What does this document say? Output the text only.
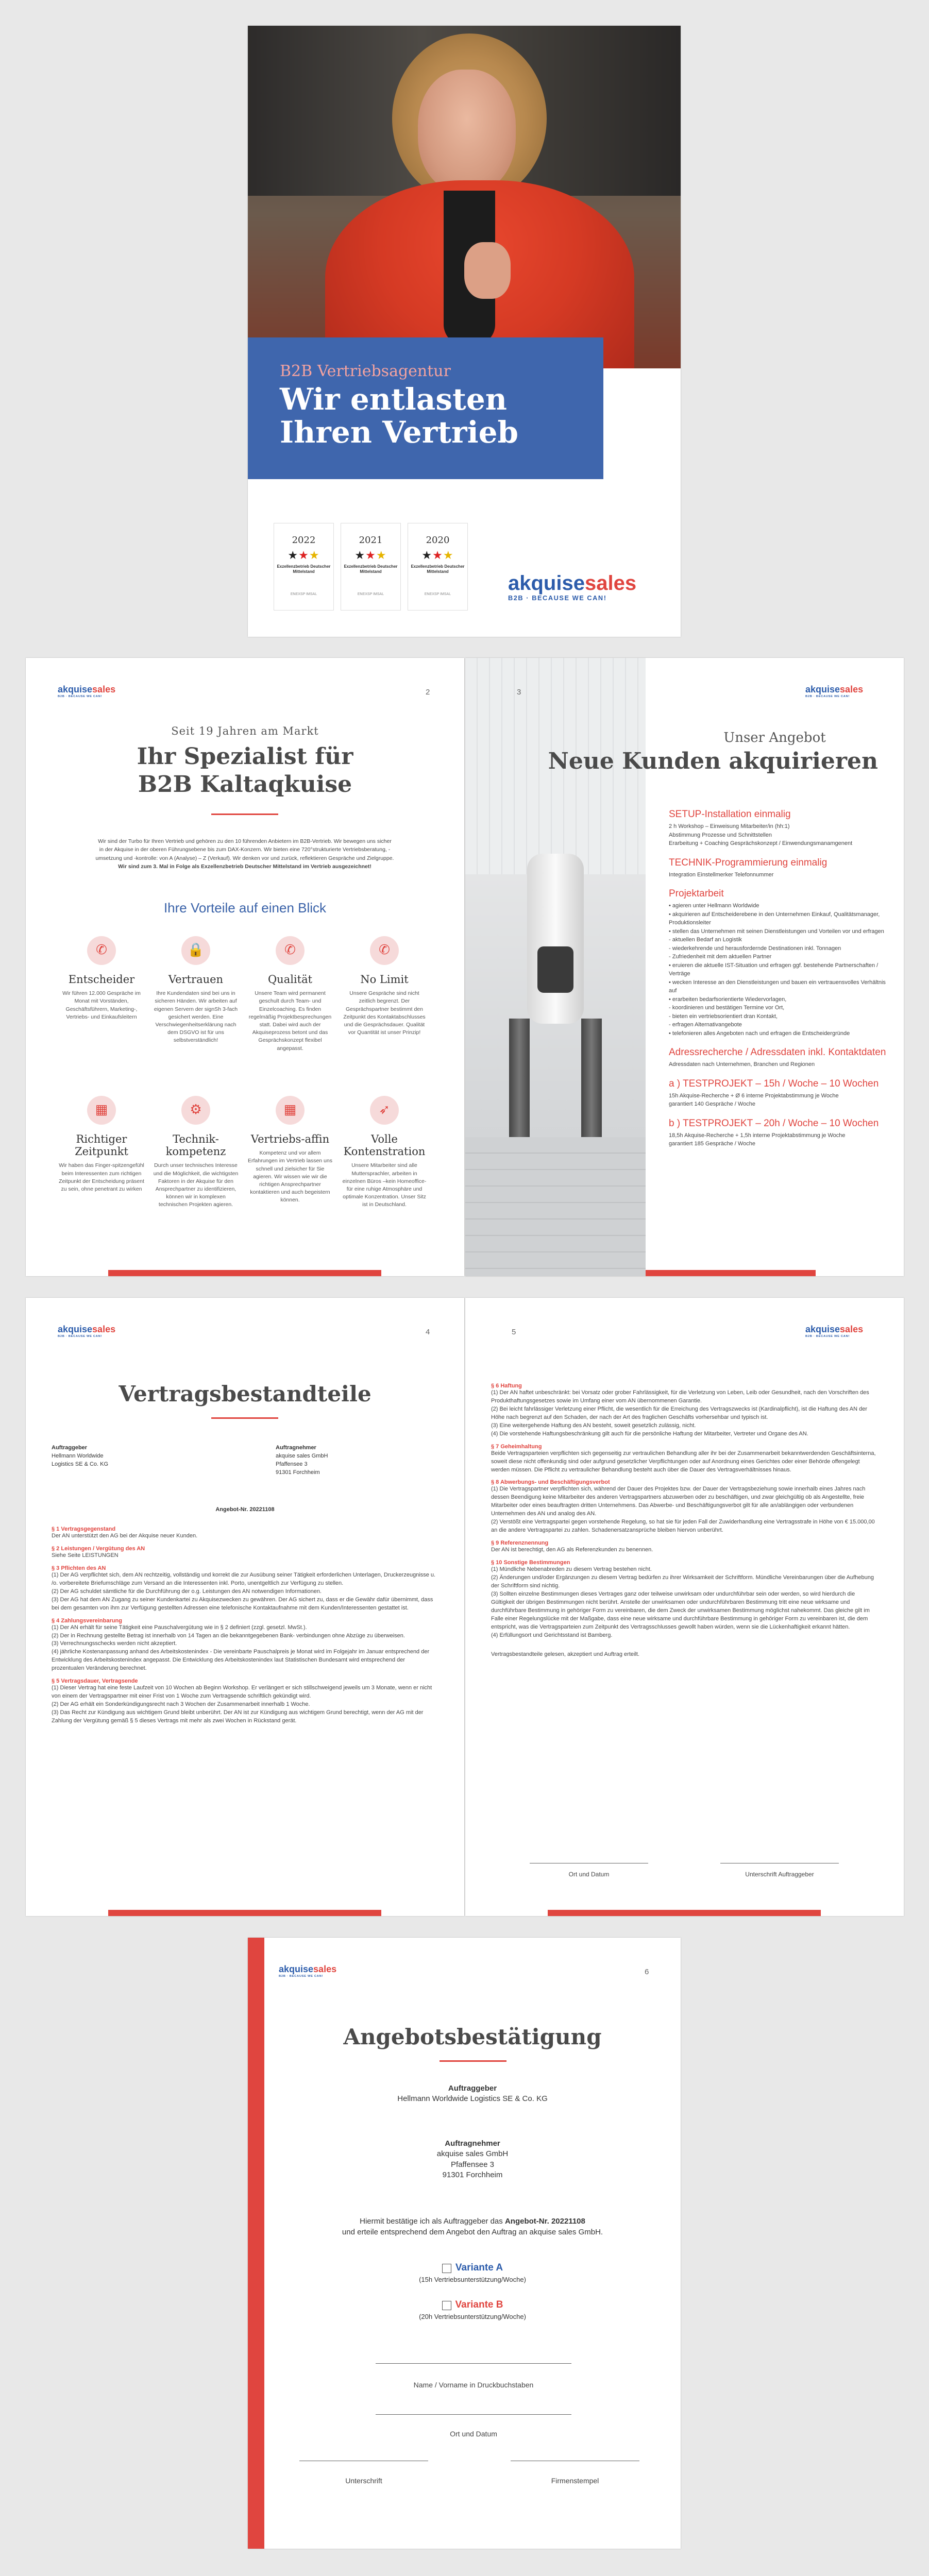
B2B Vertriebsagentur
Wir entlasten
Ihren Vertrieb
2022
★★★
Exzellenzbetrieb Deutscher Mittelstand
ENEXSP IMSAL
2021
★★★
Exzellenzbetrieb Deutscher Mittelstand
ENEXSP IMSAL
2020
★★★
Exzellenzbetrieb Deutscher Mittelstand
ENEXSP IMSAL	akquisesales
B2B · BECAUSE WE CAN!
akquisesales
B2B · BECAUSE WE CAN!	2
Seit 19 Jahren am Markt
Ihr Spezialist für
B2B Kaltaqkuise
Wir sind der Turbo für Ihren Vertrieb und gehören zu den 10 führenden Anbietern im B2B-Vertrieb. Wir bewegen uns sicher in der Akquise in der oberen Führungsebene bis zum DAX-Konzern. Wir bieten eine 720°strukturierte Vertriebsberatung, -umsetzung und -kontrolle: von A (Analyse) – Z (Verkauf). Wir denken vor und zurück, reflektieren Gespräche und Zielgruppe.
Wir sind zum 3. Mal in Folge als Exzellenzbetrieb Deutscher Mittelstand im Vertrieb ausgezeichnet!
Ihre Vorteile auf einen Blick
✆
Entscheider

Wir führen 12.000 Gespräche im Monat mit Vorständen, Geschäftsführern, Marketing-, Vertriebs- und Einkaufsleitern

🔒
Vertrauen

Ihre Kundendaten sind bei uns in sicheren Händen. Wir arbeiten auf eigenen Servern der signSh 3-fach gesichert werden. Eine Verschwiegenheitserklärung nach dem DSGVO ist für uns selbstverständlich!

✆
Qualität

Unsere Team wird permanent geschult durch Team- und Einzelcoaching. Es finden regelmäßig Projektbesprechungen statt. Dabei wird auch der Akquiseprozess betont und das Gesprächskonzept flexibel angepasst.

✆
No Limit

Unsere Gespräche sind nicht zeitlich begrenzt. Der Gesprächspartner bestimmt den Zeitpunkt des Kontaktabschlusses und die Gesprächsdauer. Qualität vor Quantität ist unser Prinzip!

▦
Richtiger Zeitpunkt

Wir haben das Finger-spitzengefühl beim Interessenten zum richtigen Zeitpunkt der Entscheidung präsent zu sein, ohne penetrant zu wirken

⚙
Technik-kompetenz

Durch unser technisches Interesse und die Möglichkeit, die wichtigsten Faktoren in der Akquise für den Ansprechpartner zu identifizieren, können wir in komplexen technischen Projekten agieren.

▦
Vertriebs-affin

Kompetenz und vor allem Erfahrungen im Vertrieb lassen uns schnell und zielsicher für Sie agieren. Wir wissen wie wir die richtigen Ansprechpartner kontaktieren und auch begeistern können.

➶
Volle Kontenstration

Unsere Mitarbeiter sind alle Muttersprachler, arbeiten in einzelnen Büros –kein Homeoffice- für eine ruhige Atmosphäre und optimale Konzentration. Unser Sitz ist in Deutschland.

3	akquisesales
B2B · BECAUSE WE CAN!
Unser Angebot
Neue Kunden akquirieren
SETUP-Installation einmalig
2 h Workshop – Einweisung Mitarbeiter/in (hh:1)
Abstimmung Prozesse und Schnittstellen
Erarbeitung + Coaching Gesprächskonzept / Einwendungsmanamgenent
TECHNIK-Programmierung einmalig
Integration Einstellmerker Telefonnummer
Projektarbeit
• agieren unter Hellmann Worldwide
• akquirieren auf Entscheiderebene in den Unternehmen Einkauf, Qualitätsmanager, Produktionsleiter
• stellen das Unternehmen mit seinen Dienstleistungen und Vorteilen vor und erfragen
- aktuellen Bedarf an Logistik
- wiederkehrende und herausfordernde Destinationen inkl. Tonnagen
- Zufriedenheit mit dem aktuellen Partner
• eruieren die aktuelle IST-Situation und erfragen ggf. bestehende Partnerschaften / Verträge
• wecken Interesse an den Dienstleistungen und bauen ein vertrauensvolles Verhältnis auf
• erarbeiten bedarfsorientierte Wiedervorlagen,
- koordinieren und bestätigen Termine vor Ort,
- bieten ein vertriebsorientiert dran Kontakt,
- erfragen Alternativangebote
• telefonieren alles Angeboten nach und erfragen die Entscheidergründe
Adressrecherche / Adressdaten inkl. Kontaktdaten
Adressdaten nach Unternehmen, Branchen und Regionen
a ) TESTPROJEKT – 15h / Woche – 10 Wochen
15h Akquise-Recherche + Ø 6 interne Projektabstimmung je Woche
garantiert 140 Gespräche / Woche
b ) TESTPROJEKT – 20h / Woche – 10 Wochen
18,5h Akquise-Recherche + 1,5h interne Projektabstimmung je Woche
garantiert 185 Gespräche / Woche
akquisesales
B2B · BECAUSE WE CAN!	4
Vertragsbestandteile
Auftraggeber
Hellmann Worldwide
Logistics SE & Co. KG
Auftragnehmer
akquise sales GmbH
Pfaffensee 3
91301 Forchheim
Angebot-Nr. 20221108
§ 1 Vertragsgegenstand
Der AN unterstützt den AG bei der Akquise neuer Kunden.
§ 2 Leistungen / Vergütung des AN
Siehe Seite LEISTUNGEN
§ 3 Pflichten des AN
(1) Der AG verpflichtet sich, dem AN rechtzeitig, vollständig und korrekt die zur Ausübung seiner Tätigkeit erforderlichen Unterlagen, Druckerzeugnisse u. /o. vorbereitete Briefumschläge zum Versand an die Interessenten inkl. Porto, unentgeltlich zur Verfügung zu stellen.
(2) Der AG schuldet sämtliche für die Durchführung der o.g. Leistungen des AN notwendigen Informationen.
(3) Der AG hat dem AN Zugang zu seiner Kundenkartei zu Akquisezwecken zu gewähren. Der AG sichert zu, dass er die Gewähr dafür übernimmt, dass bei dem gesamten von ihm zur Verfügung gestellten Adressen eine telefonische Kontaktaufnahme mit dem Kunden/Interessenten gestattet ist.
§ 4 Zahlungsvereinbarung
(1) Der AN erhält für seine Tätigkeit eine Pauschalvergütung wie in § 2 definiert (zzgl. gesetzl. MwSt.).
(2) Der in Rechnung gestellte Betrag ist innerhalb von 14 Tagen an die bekanntgegebenen Bank- verbindungen ohne Abzüge zu überweisen.
(3) Verrechnungsschecks werden nicht akzeptiert.
(4) jährliche Kostenanpassung anhand des Arbeitskostenindex - Die vereinbarte Pauschalpreis je Monat wird im Folgejahr im Januar entsprechend der Entwicklung des Arbeitskostenindex angepasst. Die Entwicklung des Arbeitskostenindex laut Statistischen Bundesamt wird entsprechend der prozentualen Veränderung berechnet.
§ 5 Vertragsdauer, Vertragsende
(1) Dieser Vertrag hat eine feste Laufzeit von 10 Wochen ab Beginn Workshop. Er verlängert er sich stillschweigend jeweils um 3 Monate, wenn er nicht von einem der Vertragspartner mit einer Frist von 1 Woche zum Vertragsende schriftlich gekündigt wird.
(2) Der AG erhält ein Sonderkündigungsrecht nach 3 Wochen der Zusammenarbeit innerhalb 1 Woche.
(3) Das Recht zur Kündigung aus wichtigem Grund bleibt unberührt. Der AN ist zur Kündigung aus wichtigem Grund berechtigt, wenn der AG mit der Zahlung der Vergütung gemäß § 5 dieses Vertrags mit mehr als zwei Wochen in Rückstand gerät.
5	akquisesales
B2B · BECAUSE WE CAN!
§ 6 Haftung
(1) Der AN haftet unbeschränkt: bei Vorsatz oder grober Fahrlässigkeit, für die Verletzung von Leben, Leib oder Gesundheit, nach den Vorschriften des Produkthaftungsgesetzes sowie im Umfang einer vom AN übernommenen Garantie.
(2) Bei leicht fahrlässiger Verletzung einer Pflicht, die wesentlich für die Erreichung des Vertragszwecks ist (Kardinalpflicht), ist die Haftung des AN der Höhe nach begrenzt auf den Schaden, der nach der Art des fraglichen Geschäfts vorhersehbar und typisch ist.
(3) Eine weitergehende Haftung des AN besteht, soweit gesetzlich zulässig, nicht.
(4) Die vorstehende Haftungsbeschränkung gilt auch für die persönliche Haftung der Mitarbeiter, Vertreter und Organe des AN.
§ 7 Geheimhaltung
Beide Vertragsparteien verpflichten sich gegenseitig zur vertraulichen Behandlung aller ihr bei der Zusammenarbeit bekanntwerdenden Geschäftsinterna, soweit diese nicht offenkundig sind oder aufgrund gesetzlicher Verpflichtungen oder auf Anordnung eines Gerichtes oder einer Behörde offengelegt werden müssen. Die Pflicht zu vertraulicher Behandlung besteht auch über die Dauer des Vertragsverhältnisses hinaus.
§ 8 Abwerbungs- und Beschäftigungsverbot
(1) Die Vertragspartner verpflichten sich, während der Dauer des Projektes bzw. der Dauer der Vertragsbeziehung sowie innerhalb eines Jahres nach dessen Beendigung keine Mitarbeiter des anderen Vertragspartners abzuwerben oder zu beschäftigen, und zwar gleichgültig ob als Angestellte, freie Mitarbeiter oder eines beauftragten dritten Unternehmens. Das Abwerbe- und Beschäftigungsverbot gilt für alle an/ablängigen oder verbundenen Unternehmen des AN und analog des AN.
(2) Verstößt eine Vertragspartei gegen vorstehende Regelung, so hat sie für jeden Fall der Zuwiderhandlung eine Vertragsstrafe in Höhe von € 15.000,00 an die andere Vertragspartei zu zahlen. Schadenersatzansprüche bleiben hiervon unberührt.
§ 9 Referenznennung
Der AN ist berechtigt, den AG als Referenzkunden zu benennen.
§ 10 Sonstige Bestimmungen
(1) Mündliche Nebenabreden zu diesem Vertrag bestehen nicht.
(2) Änderungen und/oder Ergänzungen zu diesem Vertrag bedürfen zu ihrer Wirksamkeit der Schriftform. Mündliche Vereinbarungen über die Aufhebung der Schriftform sind nichtig.
(3) Sollten einzelne Bestimmungen dieses Vertrages ganz oder teilweise unwirksam oder undurchführbar sein oder werden, so wird hierdurch die Gültigkeit der übrigen Bestimmungen nicht berührt. Anstelle der unwirksamen oder undurchführbaren Bestimmung tritt eine neue wirksame und durchführbare Bestimmung in gehöriger Form zu vereinbaren, die dem Zweck der unwirksamen Bestimmung möglichst nahekommt. Das gleiche gilt im Falle einer Regelungslücke mit der Maßgabe, dass eine neue wirksame und durchführbare Bestimmung in gehöriger Form zu vereinbaren ist, die dem entspricht, was die Vertragsparteien zum Zeitpunkt des Vertragsschlusses gewollt haben würden, wenn sie die Lückenhaftigkeit erkannt hätten.
(4) Erfüllungsort und Gerichtsstand ist Bamberg.
Vertragsbestandteile gelesen, akzeptiert und Auftrag erteilt.
Ort und Datum	Unterschrift Auftraggeber
akquisesales
B2B · BECAUSE WE CAN!	6
Angebotsbestätigung
Auftraggeber
Hellmann Worldwide Logistics SE & Co. KG
Auftragnehmer
akquise sales GmbH
Pfaffensee 3
91301 Forchheim
Hiermit bestätige ich als Auftraggeber das Angebot-Nr. 20221108
und erteile entsprechend dem Angebot den Auftrag an akquise sales GmbH.
Variante A
(15h Vertriebsunterstützung/Woche)
Variante B
(20h Vertriebsunterstützung/Woche)
Name / Vorname in Druckbuchstaben
Ort und Datum
Unterschrift	Firmenstempel
